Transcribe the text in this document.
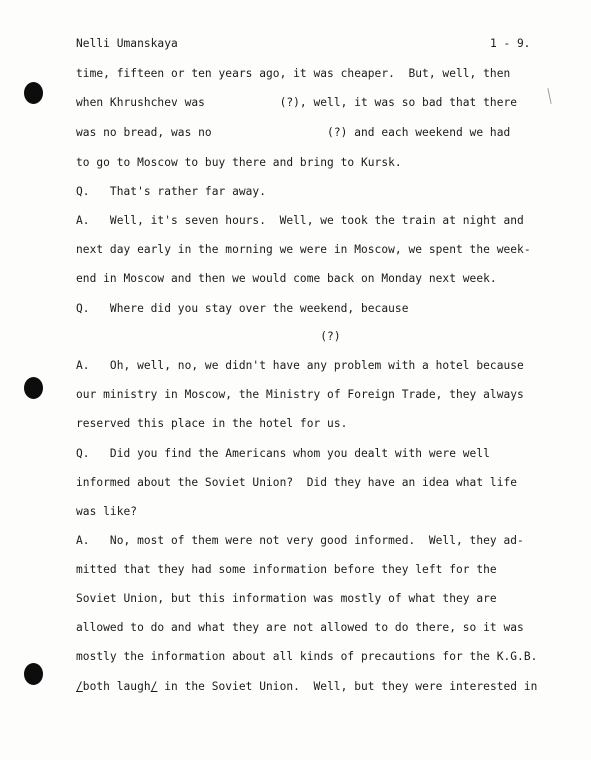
Nelli Umanskaya	1 - 9.
time, fifteen or ten years ago, it was cheaper.  But, well, then
when Khrushchev was           (?), well, it was so bad that there
was no bread, was no                 (?) and each weekend we had
to go to Moscow to buy there and bring to Kursk.
Q.   That's rather far away.
A.   Well, it's seven hours.  Well, we took the train at night and
next day early in the morning we were in Moscow, we spent the week-
end in Moscow and then we would come back on Monday next week.
Q.   Where did you stay over the weekend, because
(?)
A.   Oh, well, no, we didn't have any problem with a hotel because
our ministry in Moscow, the Ministry of Foreign Trade, they always
reserved this place in the hotel for us.
Q.   Did you find the Americans whom you dealt with were well
informed about the Soviet Union?  Did they have an idea what life
was like?
A.   No, most of them were not very good informed.  Well, they ad-
mitted that they had some information before they left for the
Soviet Union, but this information was mostly of what they are
allowed to do and what they are not allowed to do there, so it was
mostly the information about all kinds of precautions for the K.G.B.
/both laugh/ in the Soviet Union.  Well, but they were interested in
